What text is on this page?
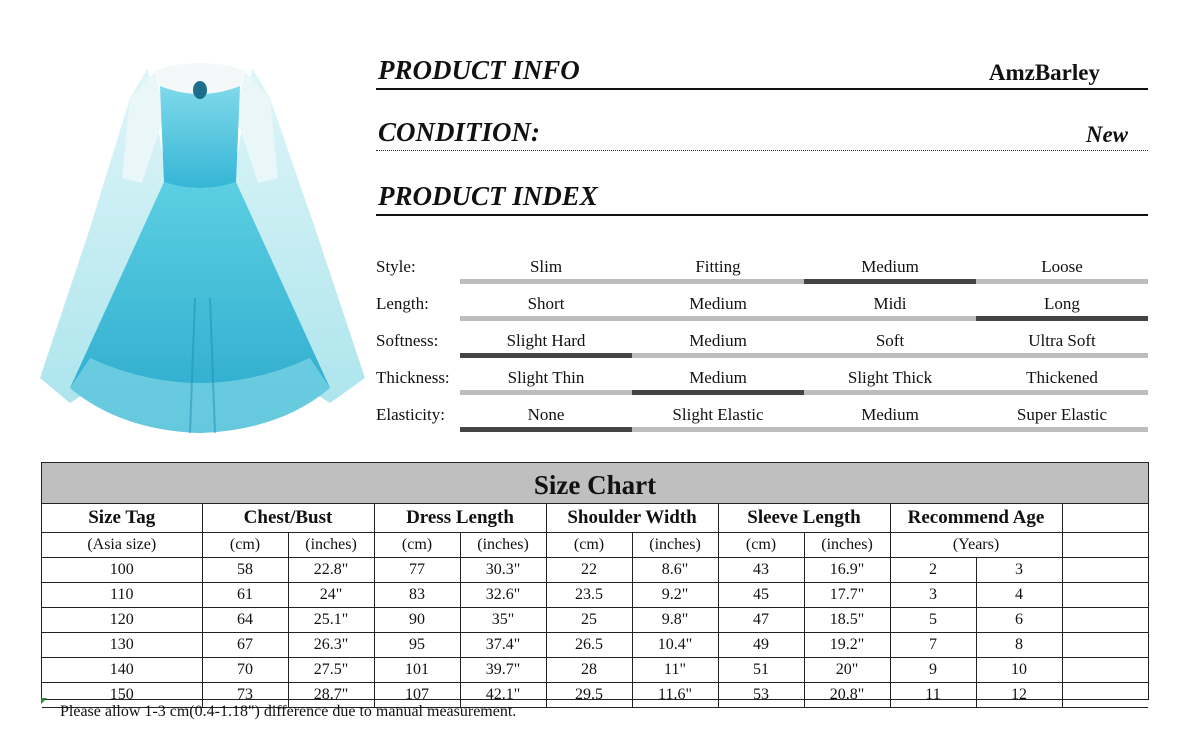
PRODUCT INFO	AmzBarley
CONDITION:	New
PRODUCT INDEX
Style:	Slim	Fitting	Medium	Loose
Length:	Short	Medium	Midi	Long
Softness:	Slight Hard	Medium	Soft	Ultra Soft
Thickness:	Slight Thin	Medium	Slight Thick	Thickened
Elasticity:	None	Slight Elastic	Medium	Super Elastic
Size Chart
Size Tag	Chest/Bust		Dress Length		Shoulder Width		Sleeve Length		Recommend Age		
(Asia size)	(cm)	(inches)	(cm)	(inches)	(cm)	(inches)	(cm)	(inches)	(Years)		
100	58	22.8"	77	30.3"	22	8.6"	43	16.9"	2	3	
110	61	24"	83	32.6"	23.5	9.2"	45	17.7"	3	4	
120	64	25.1"	90	35"	25	9.8"	47	18.5"	5	6	
130	67	26.3"	95	37.4"	26.5	10.4"	49	19.2"	7	8	
140	70	27.5"	101	39.7"	28	11"	51	20"	9	10	
150	73	28.7"	107	42.1"	29.5	11.6"	53	20.8"	11	12	
Please allow 1-3 cm(0.4-1.18") difference due to manual measurement.
